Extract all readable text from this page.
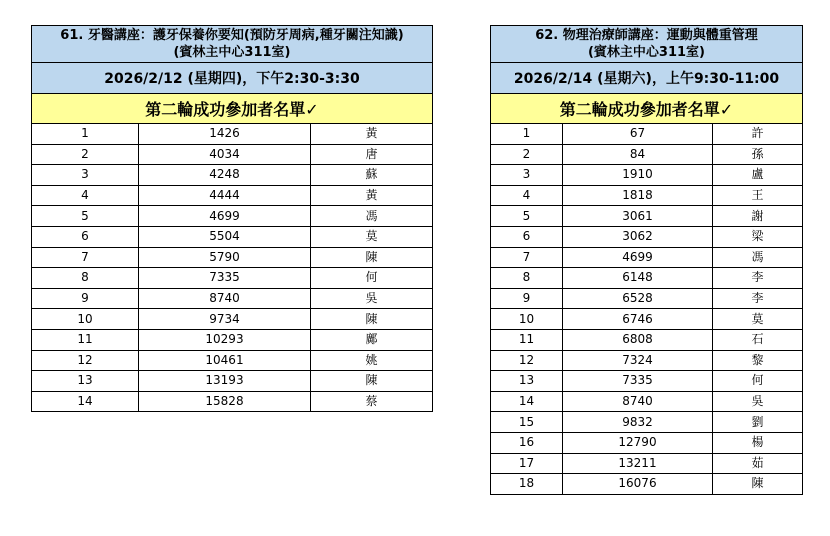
61. 牙醫講座：護牙保養你要知(預防牙周病,種牙關注知識)
(賓林主中心311室)		

2026/2/12 (星期四)，下午2:30-3:30		
第二輪成功參加者名單✓		
1	1426	黃
2	4034	唐
3	4248	蘇
4	4444	黃
5	4699	馮
6	5504	莫
7	5790	陳
8	7335	何
9	8740	吳
10	9734	陳
11	10293	鄺
12	10461	姚
13	13193	陳
14	15828	蔡
62. 物理治療師講座：運動與體重管理
(賓林主中心311室)		

2026/2/14 (星期六)，上午9:30-11:00		
第二輪成功參加者名單✓		
1	67	許
2	84	孫
3	1910	盧
4	1818	王
5	3061	謝
6	3062	梁
7	4699	馮
8	6148	李
9	6528	李
10	6746	莫
11	6808	石
12	7324	黎
13	7335	何
14	8740	吳
15	9832	劉
16	12790	楊
17	13211	茹
18	16076	陳
